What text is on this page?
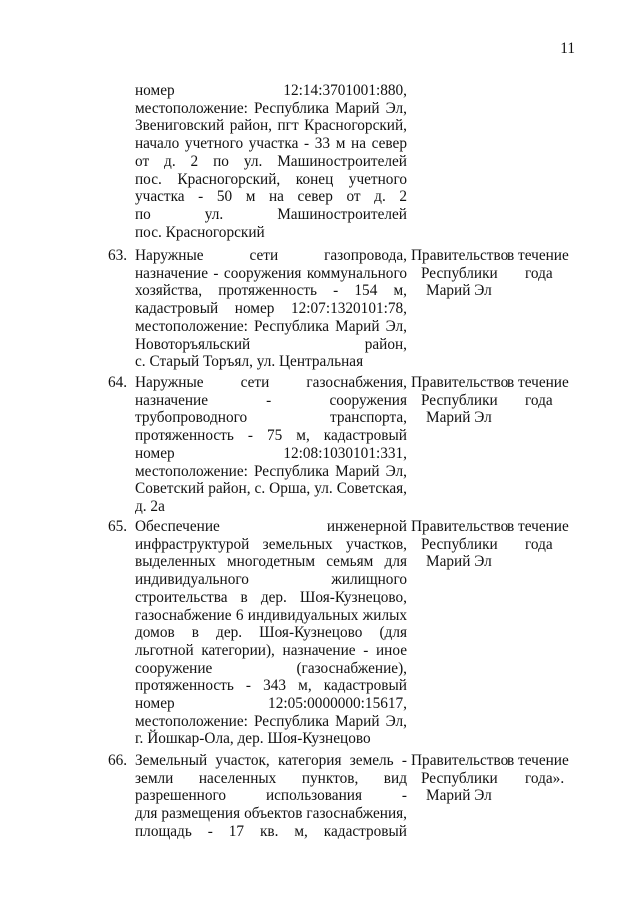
11
номер 12:14:3701001:880,
местоположение: Республика Марий Эл,
Звениговский район, пгт Красногорский,
начало учетного участка - 33 м на север
от д. 2 по ул. Машиностроителей
пос. Красногорский, конец учетного
участка - 50 м на север от д. 2
по ул. Машиностроителей
пос. Красногорский
63. Наружные сети газопровода,
назначение - сооружения коммунального
хозяйства, протяженность - 154 м,
кадастровый номер 12:07:1320101:78,
местоположение: Республика Марий Эл,
Новоторъяльский район,
с. Старый Торъял, ул. Центральная
Правительство
Республики
Марий Эл
в течение
года
64. Наружные сети газоснабжения,
назначение - сооружения
трубопроводного транспорта,
протяженность - 75 м, кадастровый
номер 12:08:1030101:331,
местоположение: Республика Марий Эл,
Советский район, с. Орша, ул. Советская,
д. 2а
Правительство
Республики
Марий Эл
в течение
года
65. Обеспечение инженерной
инфраструктурой земельных участков,
выделенных многодетным семьям для
индивидуального жилищного
строительства в дер. Шоя-Кузнецово,
газоснабжение 6 индивидуальных жилых
домов в дер. Шоя-Кузнецово (для
льготной категории), назначение - иное
сооружение (газоснабжение),
протяженность - 343 м, кадастровый
номер 12:05:0000000:15617,
местоположение: Республика Марий Эл,
г. Йошкар-Ола, дер. Шоя-Кузнецово
Правительство
Республики
Марий Эл
в течение
года
66. Земельный участок, категория земель -
земли населенных пунктов, вид
разрешенного использования -
для размещения объектов газоснабжения,
площадь - 17 кв. м, кадастровый
Правительство
Республики
Марий Эл
в течение
года».
